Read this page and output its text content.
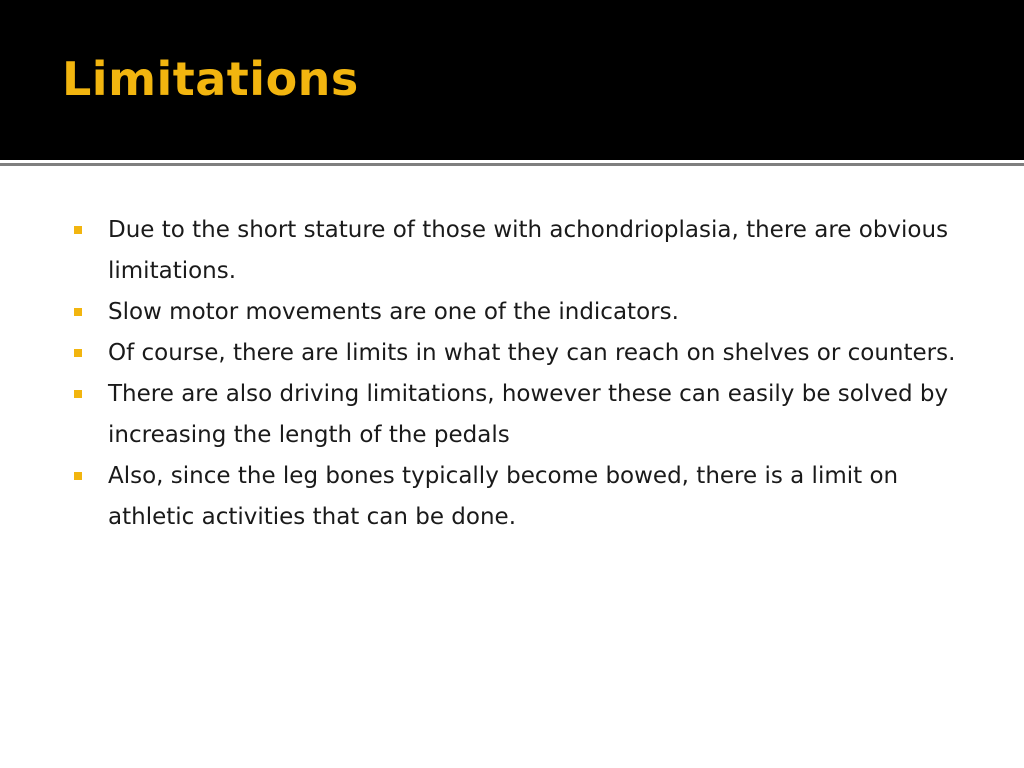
Limitations
Due to the short stature of those with achondrioplasia, there are obvious limitations.
Slow motor movements are one of the indicators.
Of course, there are limits in what they can reach on shelves or counters.
There are also driving limitations, however these can easily be solved by increasing the length of the pedals
Also, since the leg bones typically become bowed, there is a limit on athletic activities that can be done.
